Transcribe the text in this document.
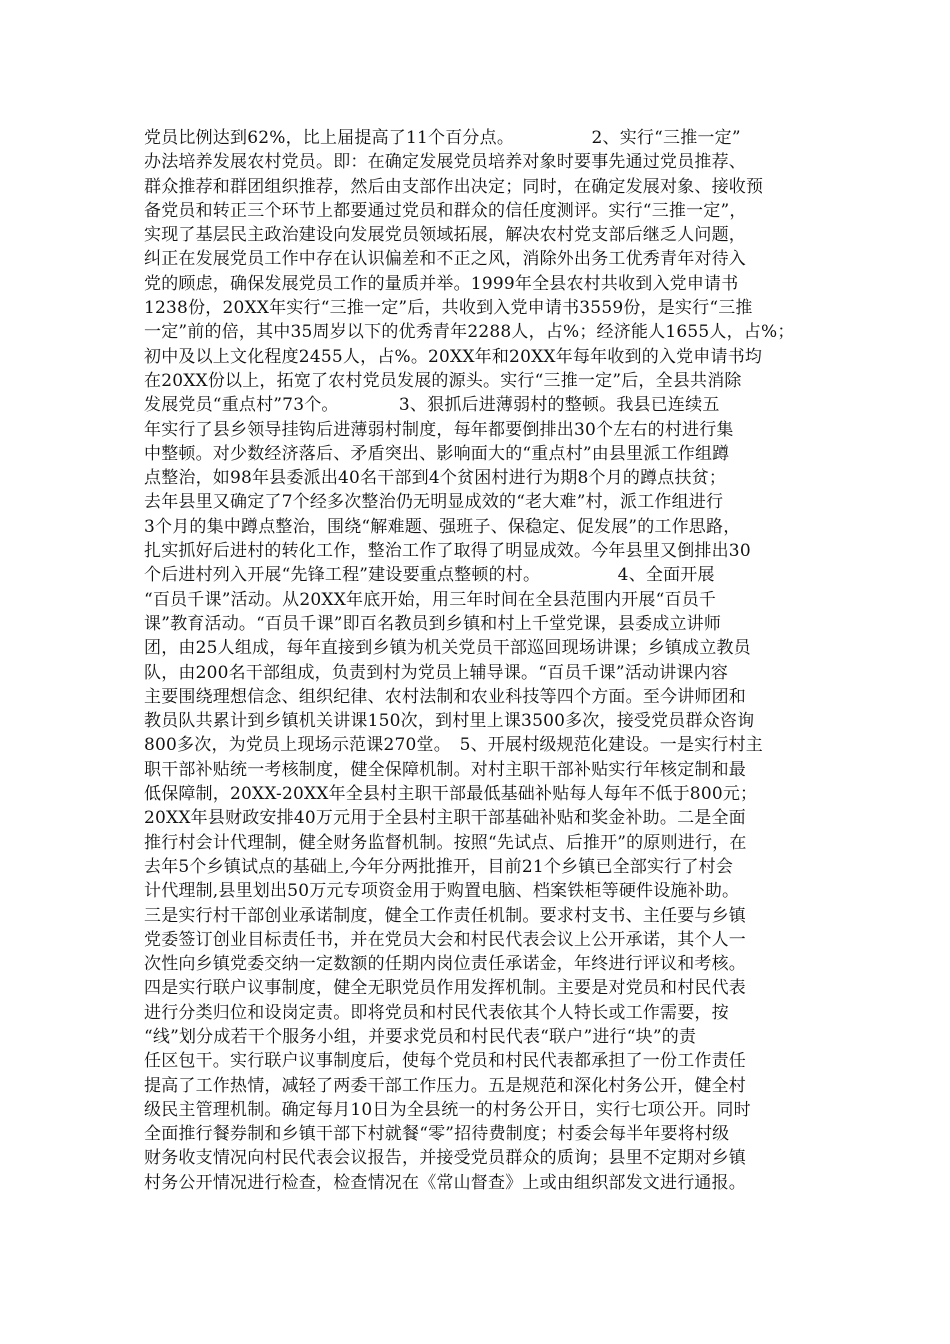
党员比例达到62%，比上届提高了11个百分点。　　　　　2、实行“三推一定”
办法培养发展农村党员。即：在确定发展党员培养对象时要事先通过党员推荐、
群众推荐和群团组织推荐，然后由支部作出决定；同时，在确定发展对象、接收预
备党员和转正三个环节上都要通过党员和群众的信任度测评。实行“三推一定”，
实现了基层民主政治建设向发展党员领域拓展，解决农村党支部后继乏人问题，
纠正在发展党员工作中存在认识偏差和不正之风，消除外出务工优秀青年对待入
党的顾虑，确保发展党员工作的量质并举。1999年全县农村共收到入党申请书
1238份，20XX年实行“三推一定”后，共收到入党申请书3559份，是实行“三推
一定”前的倍，其中35周岁以下的优秀青年2288人，占%；经济能人1655人，占%；
初中及以上文化程度2455人，占%。20XX年和20XX年每年收到的入党申请书均
在20XX份以上，拓宽了农村党员发展的源头。实行“三推一定”后，全县共消除
发展党员“重点村”73个。　　　　3、狠抓后进薄弱村的整顿。我县已连续五
年实行了县乡领导挂钩后进薄弱村制度，每年都要倒排出30个左右的村进行集
中整顿。对少数经济落后、矛盾突出、影响面大的“重点村”由县里派工作组蹲
点整治，如98年县委派出40名干部到4个贫困村进行为期8个月的蹲点扶贫；
去年县里又确定了7个经多次整治仍无明显成效的“老大难”村，派工作组进行
3个月的集中蹲点整治，围绕“解难题、强班子、保稳定、促发展”的工作思路，
扎实抓好后进村的转化工作，整治工作了取得了明显成效。今年县里又倒排出30
个后进村列入开展“先锋工程”建设要重点整顿的村。　　　　　4、全面开展
“百员千课”活动。从20XX年底开始，用三年时间在全县范围内开展“百员千
课”教育活动。“百员千课”即百名教员到乡镇和村上千堂党课，县委成立讲师
团，由25人组成，每年直接到乡镇为机关党员干部巡回现场讲课；乡镇成立教员
队，由200名干部组成，负责到村为党员上辅导课。“百员千课”活动讲课内容
主要围绕理想信念、组织纪律、农村法制和农业科技等四个方面。至今讲师团和
教员队共累计到乡镇机关讲课150次，到村里上课3500多次，接受党员群众咨询
800多次，为党员上现场示范课270堂。　5、开展村级规范化建设。一是实行村主
职干部补贴统一考核制度，健全保障机制。对村主职干部补贴实行年核定制和最
低保障制，20XX-20XX年全县村主职干部最低基础补贴每人每年不低于800元；
20XX年县财政安排40万元用于全县村主职干部基础补贴和奖金补助。二是全面
推行村会计代理制，健全财务监督机制。按照“先试点、后推开”的原则进行，在
去年5个乡镇试点的基础上,今年分两批推开，目前21个乡镇已全部实行了村会
计代理制,县里划出50万元专项资金用于购置电脑、档案铁柜等硬件设施补助。
三是实行村干部创业承诺制度，健全工作责任机制。要求村支书、主任要与乡镇
党委签订创业目标责任书，并在党员大会和村民代表会议上公开承诺，其个人一
次性向乡镇党委交纳一定数额的任期内岗位责任承诺金，年终进行评议和考核。
四是实行联户议事制度，健全无职党员作用发挥机制。主要是对党员和村民代表
进行分类归位和设岗定责。即将党员和村民代表依其个人特长或工作需要，按
“线”划分成若干个服务小组，并要求党员和村民代表“联户”进行“块”的责
任区包干。实行联户议事制度后，使每个党员和村民代表都承担了一份工作责任
提高了工作热情，减轻了两委干部工作压力。五是规范和深化村务公开，健全村
级民主管理机制。确定每月10日为全县统一的村务公开日，实行七项公开。同时
全面推行餐券制和乡镇干部下村就餐“零”招待费制度；村委会每半年要将村级
财务收支情况向村民代表会议报告，并接受党员群众的质询；县里不定期对乡镇
村务公开情况进行检查，检查情况在《常山督查》上或由组织部发文进行通报。
